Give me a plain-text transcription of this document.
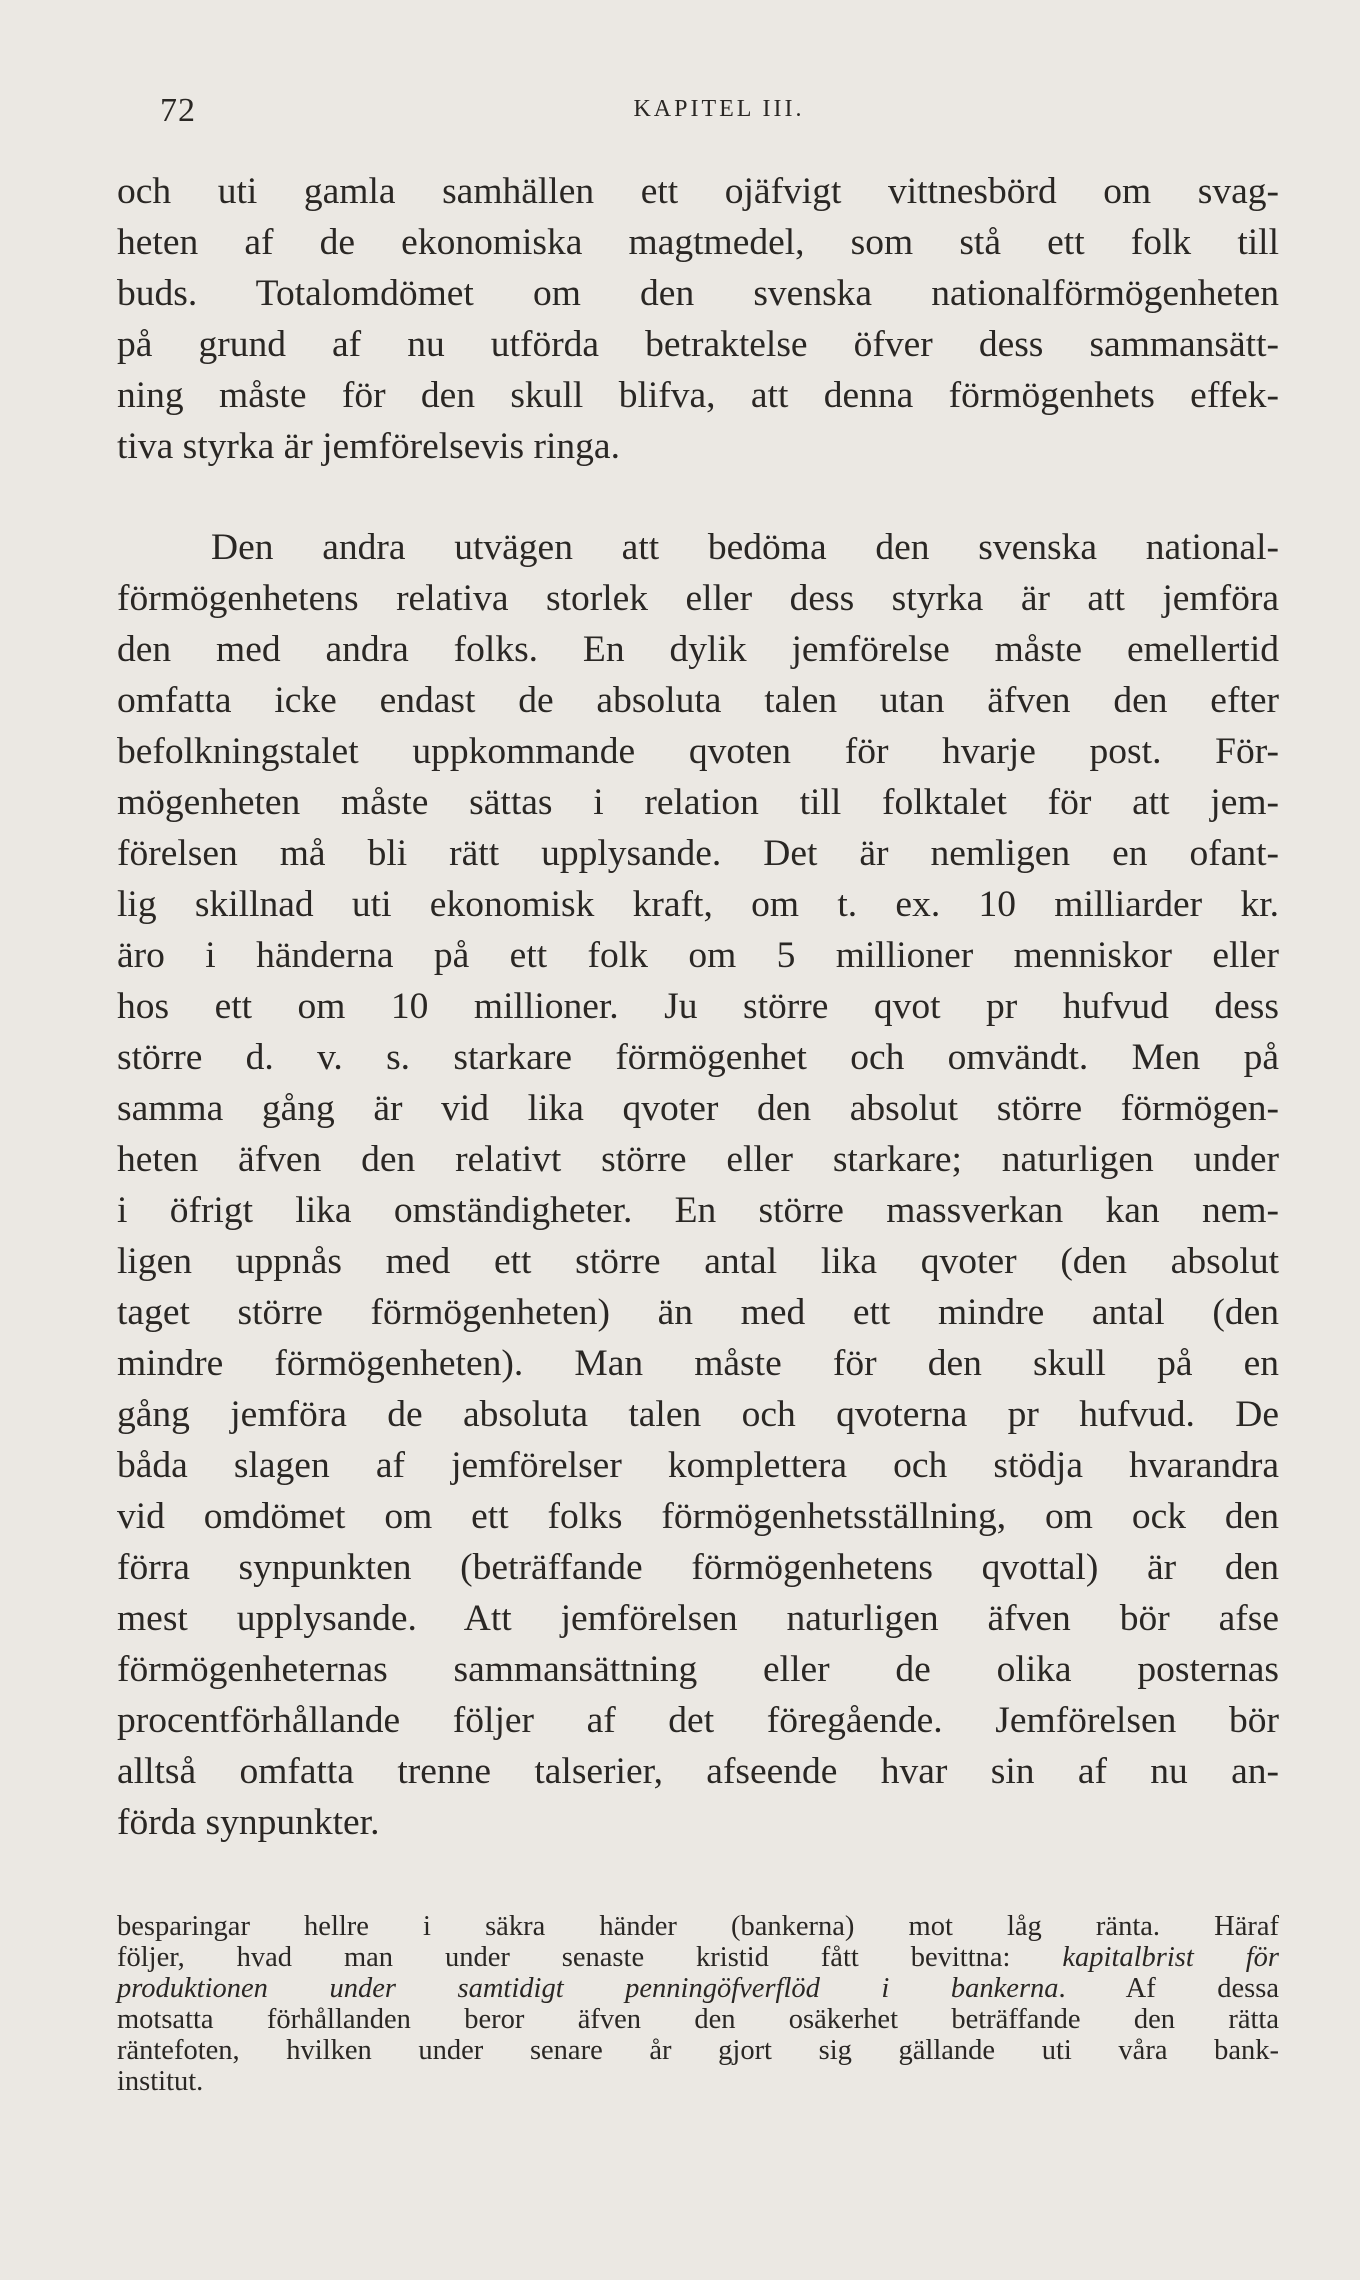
72	KAPITEL III.
och uti gamla samhällen ett ojäfvigt vittnesbörd om svag-
heten af de ekonomiska magtmedel, som stå ett folk till
buds. Totalomdömet om den svenska nationalförmögenheten
på grund af nu utförda betraktelse öfver dess sammansätt-
ning måste för den skull blifva, att denna förmögenhets effek-
tiva styrka är jemförelsevis ringa.
Den andra utvägen att bedöma den svenska national-
förmögenhetens relativa storlek eller dess styrka är att jemföra
den med andra folks. En dylik jemförelse måste emellertid
omfatta icke endast de absoluta talen utan äfven den efter
befolkningstalet uppkommande qvoten för hvarje post. För-
mögenheten måste sättas i relation till folktalet för att jem-
förelsen må bli rätt upplysande. Det är nemligen en ofant-
lig skillnad uti ekonomisk kraft, om t. ex. 10 milliarder kr.
äro i händerna på ett folk om 5 millioner menniskor eller
hos ett om 10 millioner. Ju större qvot pr hufvud dess
större d. v. s. starkare förmögenhet och omvändt. Men på
samma gång är vid lika qvoter den absolut större förmögen-
heten äfven den relativt större eller starkare; naturligen under
i öfrigt lika omständigheter. En större massverkan kan nem-
ligen uppnås med ett större antal lika qvoter (den absolut
taget större förmögenheten) än med ett mindre antal (den
mindre förmögenheten). Man måste för den skull på en
gång jemföra de absoluta talen och qvoterna pr hufvud. De
båda slagen af jemförelser komplettera och stödja hvarandra
vid omdömet om ett folks förmögenhetsställning, om ock den
förra synpunkten (beträffande förmögenhetens qvottal) är den
mest upplysande. Att jemförelsen naturligen äfven bör afse
förmögenheternas sammansättning eller de olika posternas
procentförhållande följer af det föregående. Jemförelsen bör
alltså omfatta trenne talserier, afseende hvar sin af nu an-
förda synpunkter.
besparingar hellre i säkra händer (bankerna) mot låg ränta. Häraf
följer, hvad man under senaste kristid fått bevittna: kapitalbrist för
produktionen under samtidigt penningöfverflöd i bankerna. Af dessa
motsatta förhållanden beror äfven den osäkerhet beträffande den rätta
räntefoten, hvilken under senare år gjort sig gällande uti våra bank-
institut.
